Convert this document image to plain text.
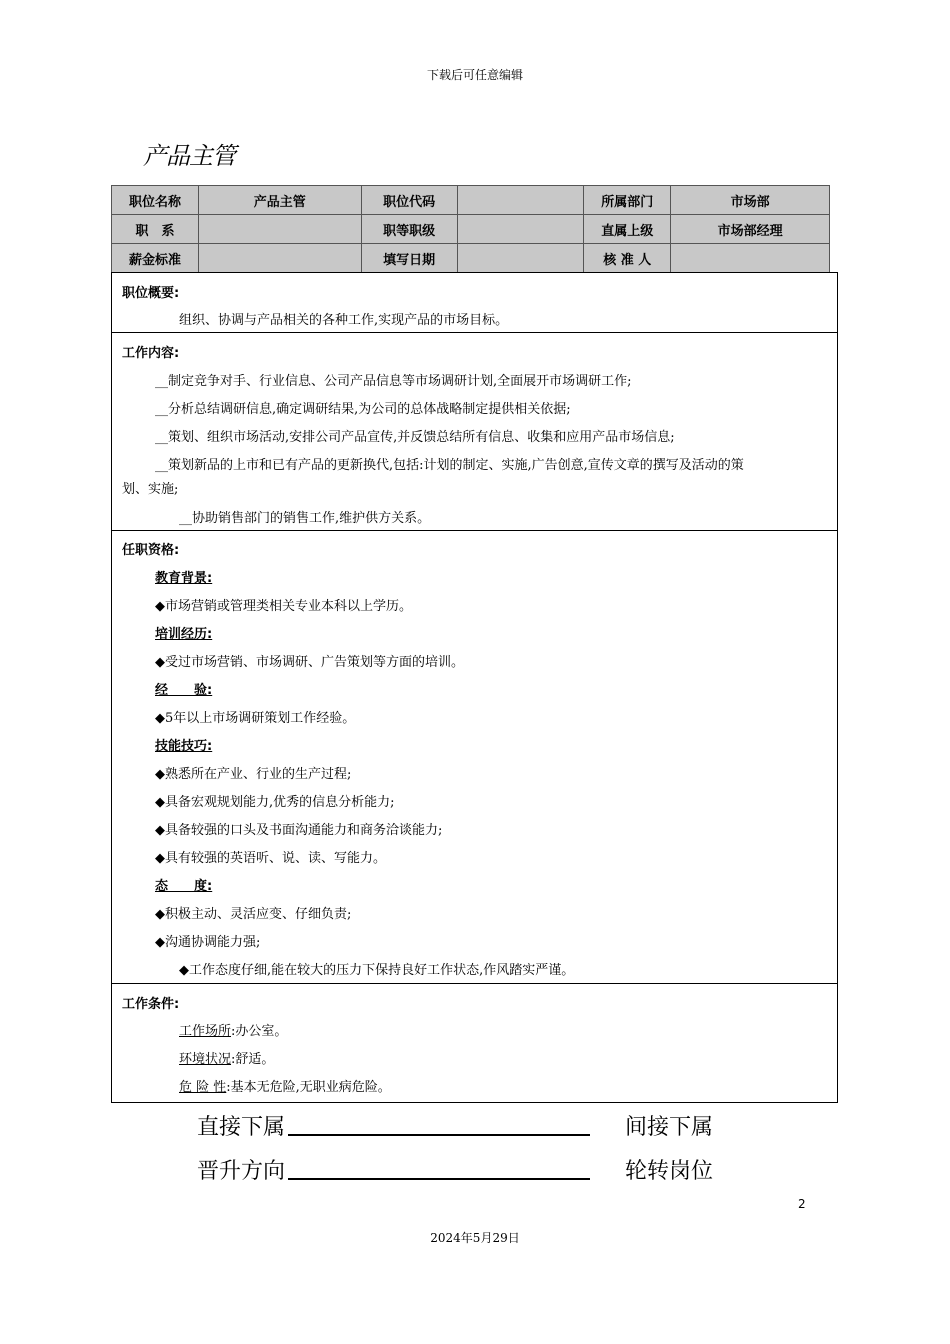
下载后可任意编辑
产品主管
职位名称	产品主管	职位代码		所属部门	市场部
职　系		职等职级		直属上级	市场部经理
薪金标准		填写日期		核 准 人	
职位概要:
组织、协调与产品相关的各种工作,实现产品的市场目标。
工作内容:
__制定竞争对手、行业信息、公司产品信息等市场调研计划,全面展开市场调研工作;
__分析总结调研信息,确定调研结果,为公司的总体战略制定提供相关依据;
__策划、组织市场活动,安排公司产品宣传,并反馈总结所有信息、收集和应用产品市场信息;
__策划新品的上市和已有产品的更新换代,包括:计划的制定、实施,广告创意,宣传文章的撰写及活动的策
划、实施;
__协助销售部门的销售工作,维护供方关系。
任职资格:
教育背景:
◆市场营销或管理类相关专业本科以上学历。
培训经历:
◆受过市场营销、市场调研、广告策划等方面的培训。
经　　验:
◆5年以上市场调研策划工作经验。
技能技巧:
◆熟悉所在产业、行业的生产过程;
◆具备宏观规划能力,优秀的信息分析能力;
◆具备较强的口头及书面沟通能力和商务洽谈能力;
◆具有较强的英语听、说、读、写能力。
态　　度:
◆积极主动、灵活应变、仔细负责;
◆沟通协调能力强;
◆工作态度仔细,能在较大的压力下保持良好工作状态,作风踏实严谨。
工作条件:
工作场所:办公室。
环境状况:舒适。
危 险 性:基本无危险,无职业病危险。
直接下属	间接下属
晋升方向	轮转岗位
2
2024年5月29日
